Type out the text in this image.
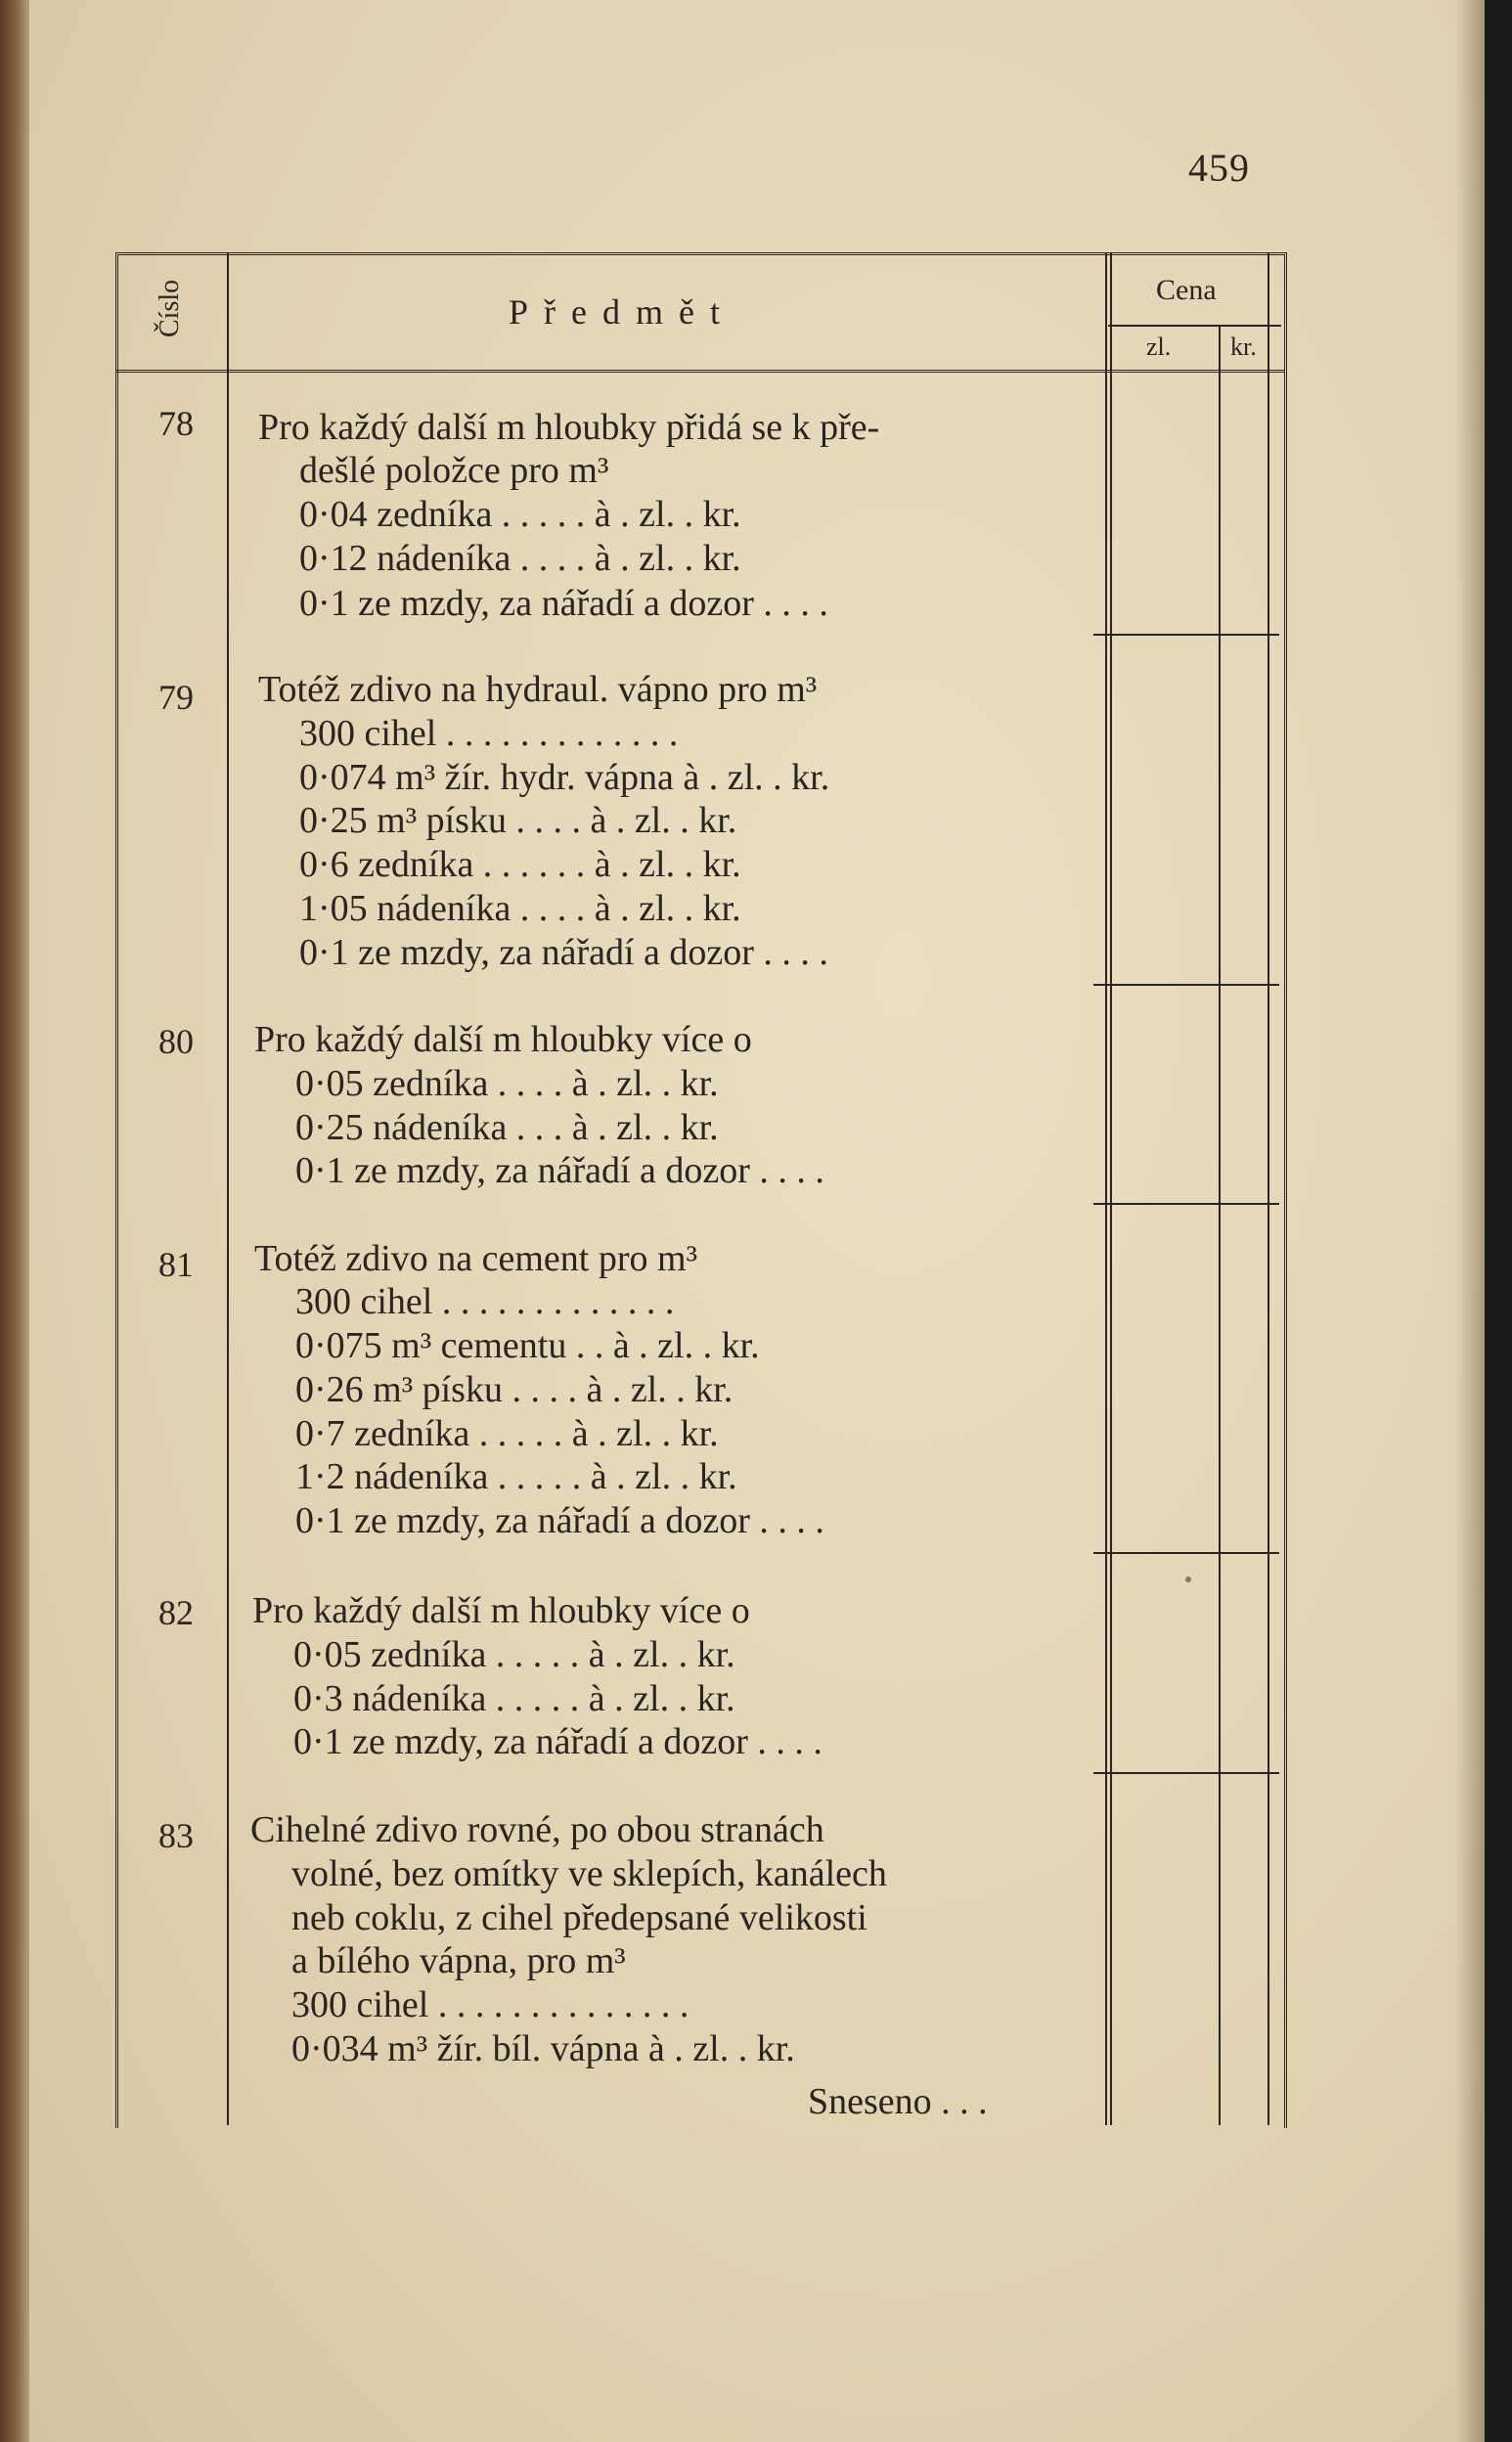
459
Číslo	Předmět
Cena
zl. kr.
78 Pro každý další m hloubky přidá se k pře-
dešlé položce pro m³
0·04 zedníka . . . . . à . zl. . kr.
0·12 nádeníka . . . . à . zl. . kr.
0·1 ze mzdy, za nářadí a dozor . . . .
79 Totéž zdivo na hydraul. vápno pro m³
300 cihel . . . . . . . . . . . . .
0·074 m³ žír. hydr. vápna à . zl. . kr.
0·25 m³ písku . . . . à . zl. . kr.
0·6 zedníka . . . . . . à . zl. . kr.
1·05 nádeníka . . . . à . zl. . kr.
0·1 ze mzdy, za nářadí a dozor . . . .
80 Pro každý další m hloubky více o
0·05 zedníka . . . . à . zl. . kr.
0·25 nádeníka . . . à . zl. . kr.
0·1 ze mzdy, za nářadí a dozor . . . .
81 Totéž zdivo na cement pro m³
300 cihel . . . . . . . . . . . . .
0·075 m³ cementu . . à . zl. . kr.
0·26 m³ písku . . . . à . zl. . kr.
0·7 zedníka . . . . . à . zl. . kr.
1·2 nádeníka . . . . . à . zl. . kr.
0·1 ze mzdy, za nářadí a dozor . . . .
82 Pro každý další m hloubky více o
0·05 zedníka . . . . . à . zl. . kr.
0·3 nádeníka . . . . . à . zl. . kr.
0·1 ze mzdy, za nářadí a dozor . . . .
83 Cihelné zdivo rovné, po obou stranách
volné, bez omítky ve sklepích, kanálech
neb coklu, z cihel předepsané velikosti
a bílého vápna, pro m³
300 cihel . . . . . . . . . . . . . .
0·034 m³ žír. bíl. vápna à . zl. . kr.
Sneseno . . .
